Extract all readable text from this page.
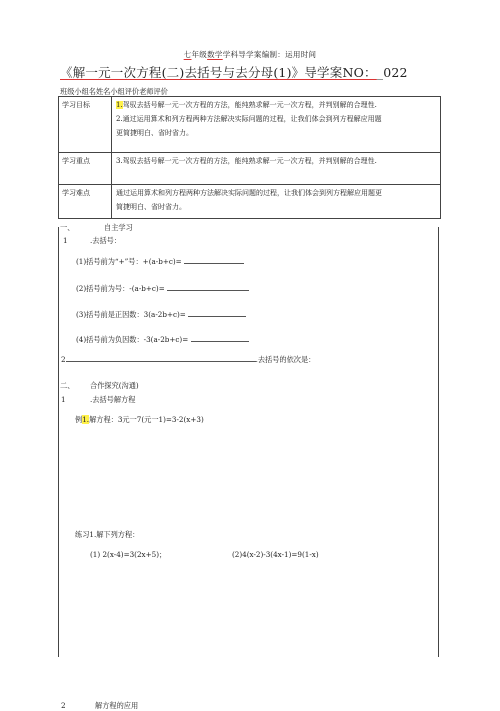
七年级数学学科导学案编制：运用时间
《解一元一次方程(二)去括号与去分母(1)》导学案NO：_022
班级小组名姓名小组评价老师评价
学习目标	1.驾驭去括号解一元一次方程的方法，能纯熟求解一元一次方程，并判别解的合理性.
2.通过运用算术和列方程两种方法解决实际问题的过程，让我们体会到列方程解应用题
更简捷明白、省时省力。
学习重点	3.驾驭去括号解一元一次方程的方法，能纯熟求解一元一次方程，并判别解的合理性.
学习难点	通过运用算术和列方程两种方法解决实际问题的过程，让我们体会到列方程解应用题更
简捷明白、省时省力。
一、	自主学习
1	.去括号：
(1)括号前为“+”号：+(a-b+c)=
(2)括号前为号：-(a-b+c)=
(3)括号前是正因数：3(a-2b+c)=
(4)括号前为负因数：-3(a-2b+c)=
2	.去括号的依次是：
二、 合作探究(沟通)
1	.去括号解方程
例1.解方程：3元一7(元一1)=3-2(x+3)
练习1.解下列方程：
(1) 2(x-4)=3(2x+5)；	(2)4(x-2)-3(4x-1)=9(1-x)
2	解方程的应用
